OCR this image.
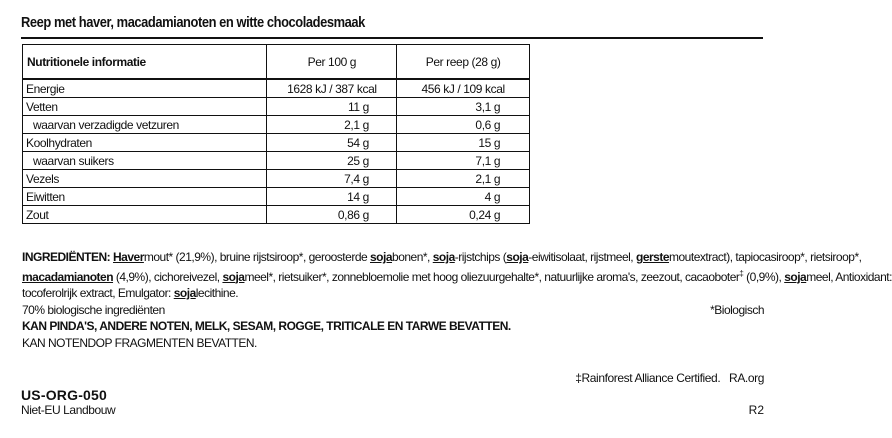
Reep met haver, macadamianoten en witte chocoladesmaak
Nutritionele informatie	Per 100 g	Per reep (28 g)
Energie	1628 kJ / 387 kcal	456 kJ / 109 kcal
Vetten	11 g	3,1 g
waarvan verzadigde vetzuren	2,1 g	0,6 g
Koolhydraten	54 g	15 g
waarvan suikers	25 g	7,1 g
Vezels	7,4 g	2,1 g
Eiwitten	14 g	4 g
Zout	0,86 g	0,24 g
INGREDIËNTEN: Havermout* (21,9%), bruine rijstsiroop*, geroosterde sojabonen*, soja-rijstchips (soja-eiwitisolaat, rijstmeel, gerstemoutextract), tapiocasiroop*, rietsiroop*,
macadamianoten (4,9%), cichoreivezel, sojameel*, rietsuiker*, zonnebloemolie met hoog oliezuurgehalte*, natuurlijke aroma's, zeezout, cacaoboter‡ (0,9%), sojameel, Antioxidant:
tocoferolrijk extract, Emulgator: sojalecithine.
70% biologische ingrediënten	*Biologisch
KAN PINDA'S, ANDERE NOTEN, MELK, SESAM, ROGGE, TRITICALE EN TARWE BEVATTEN.
KAN NOTENDOP FRAGMENTEN BEVATTEN.
‡Rainforest Alliance Certified.   RA.org
US-ORG-050
Niet-EU Landbouw	R2
